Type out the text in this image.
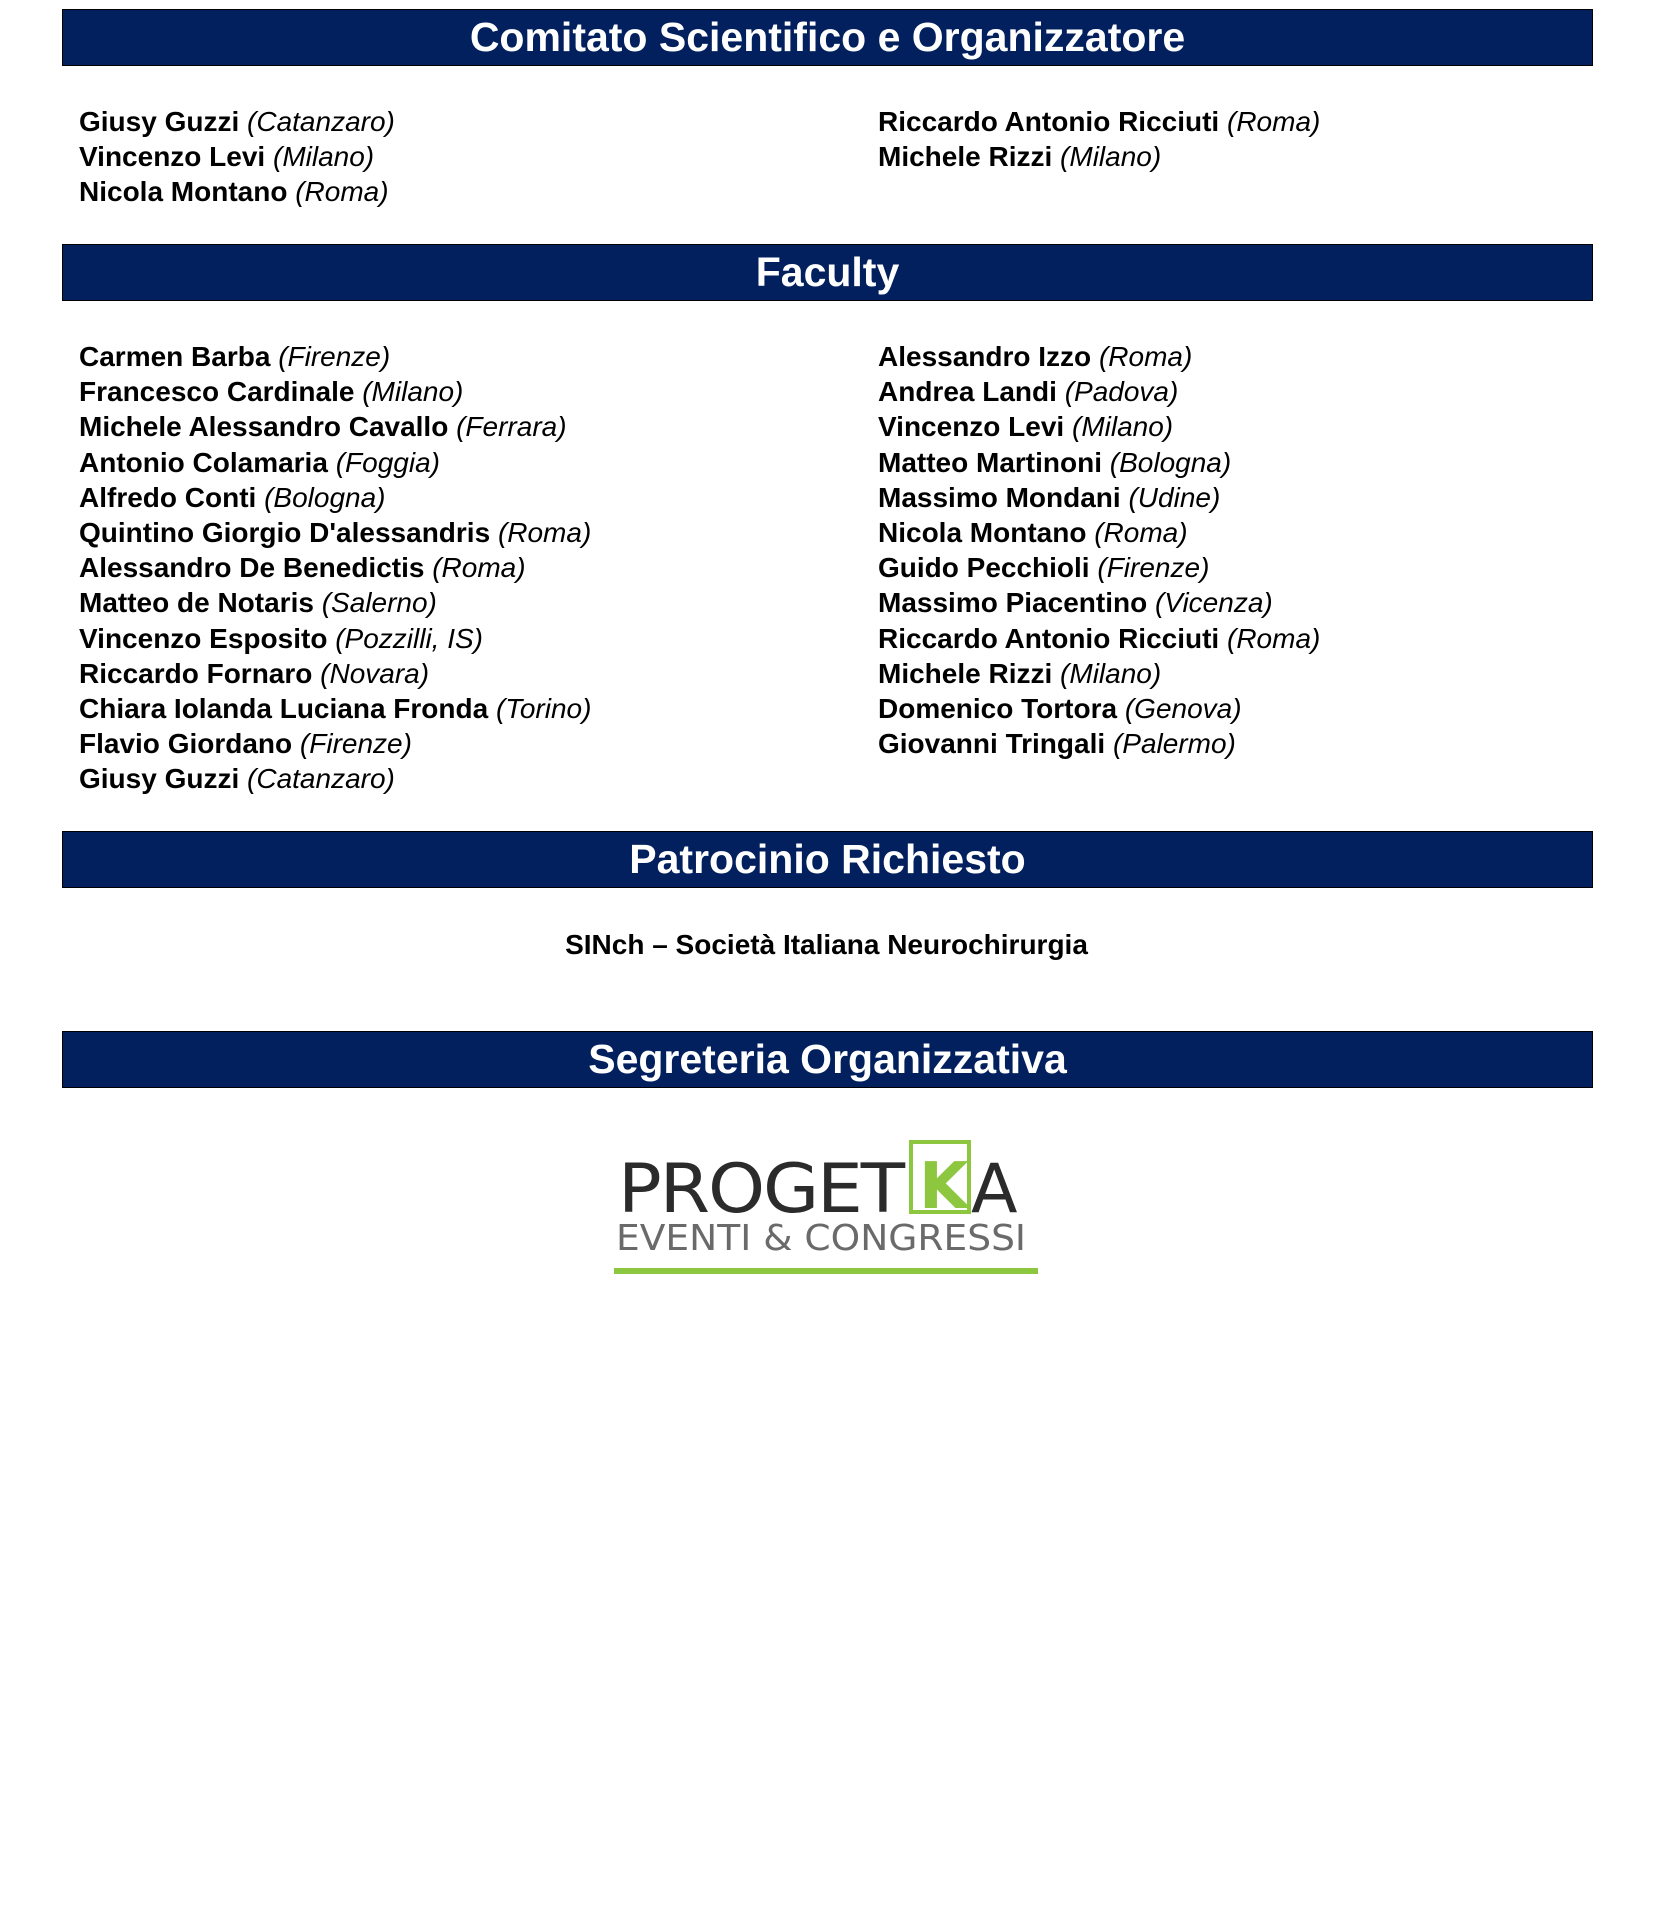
Comitato Scientifico e Organizzatore
Giusy Guzzi (Catanzaro)
Vincenzo Levi (Milano)
Nicola Montano (Roma)
Riccardo Antonio Ricciuti (Roma)
Michele Rizzi (Milano)
Faculty
Carmen Barba (Firenze)
Francesco Cardinale (Milano)
Michele Alessandro Cavallo (Ferrara)
Antonio Colamaria (Foggia)
Alfredo Conti (Bologna)
Quintino Giorgio D'alessandris (Roma)
Alessandro De Benedictis (Roma)
Matteo de Notaris (Salerno)
Vincenzo Esposito (Pozzilli, IS)
Riccardo Fornaro (Novara)
Chiara Iolanda Luciana Fronda (Torino)
Flavio Giordano (Firenze)
Giusy Guzzi (Catanzaro)
Alessandro Izzo (Roma)
Andrea Landi (Padova)
Vincenzo Levi (Milano)
Matteo Martinoni (Bologna)
Massimo Mondani (Udine)
Nicola Montano (Roma)
Guido Pecchioli (Firenze)
Massimo Piacentino (Vicenza)
Riccardo Antonio Ricciuti (Roma)
Michele Rizzi (Milano)
Domenico Tortora (Genova)
Giovanni Tringali (Palermo)
Patrocinio Richiesto
SINch – Società Italiana Neurochirurgia
Segreteria Organizzativa
PROGET K A
EVENTI & CONGRESSI
